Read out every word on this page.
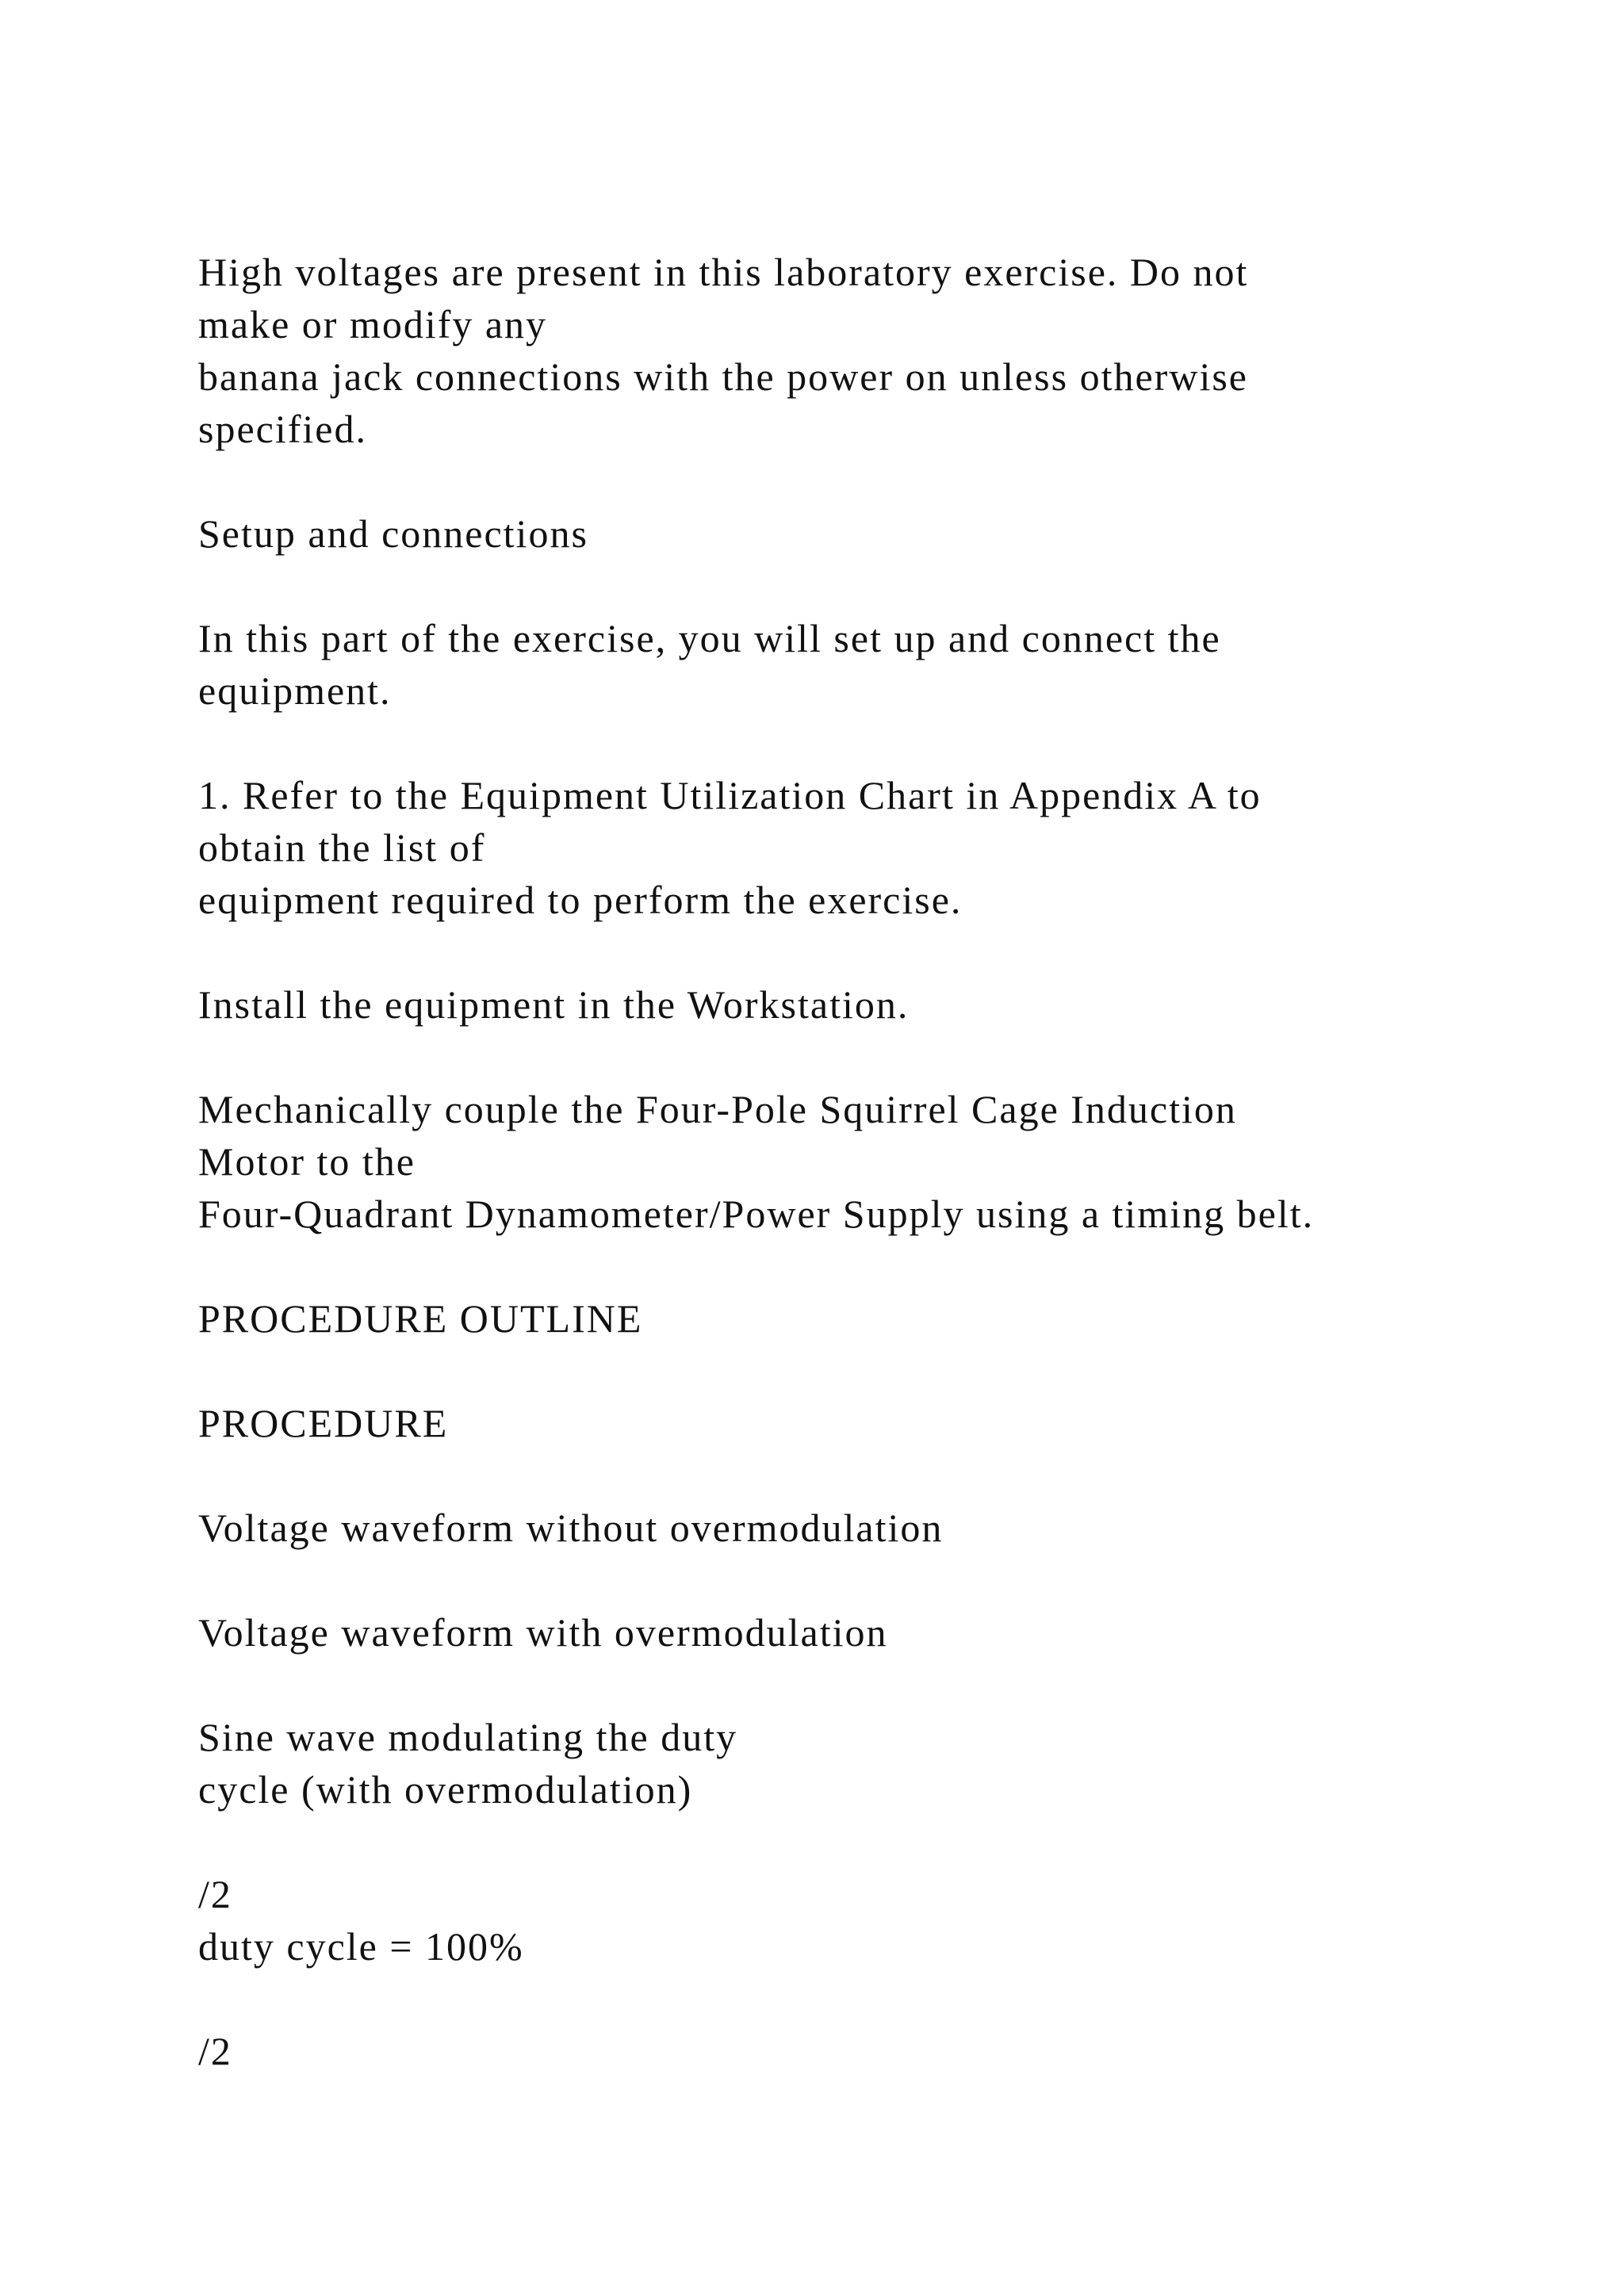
High voltages are present in this laboratory exercise. Do not
make or modify any
banana jack connections with the power on unless otherwise
specified.
Setup and connections
In this part of the exercise, you will set up and connect the
equipment.
1. Refer to the Equipment Utilization Chart in Appendix A to
obtain the list of
equipment required to perform the exercise.
Install the equipment in the Workstation.
Mechanically couple the Four-Pole Squirrel Cage Induction
Motor to the
Four-Quadrant Dynamometer/Power Supply using a timing belt.
PROCEDURE OUTLINE
PROCEDURE
Voltage waveform without overmodulation
Voltage waveform with overmodulation
Sine wave modulating the duty
cycle (with overmodulation)
/2
duty cycle = 100%
/2
